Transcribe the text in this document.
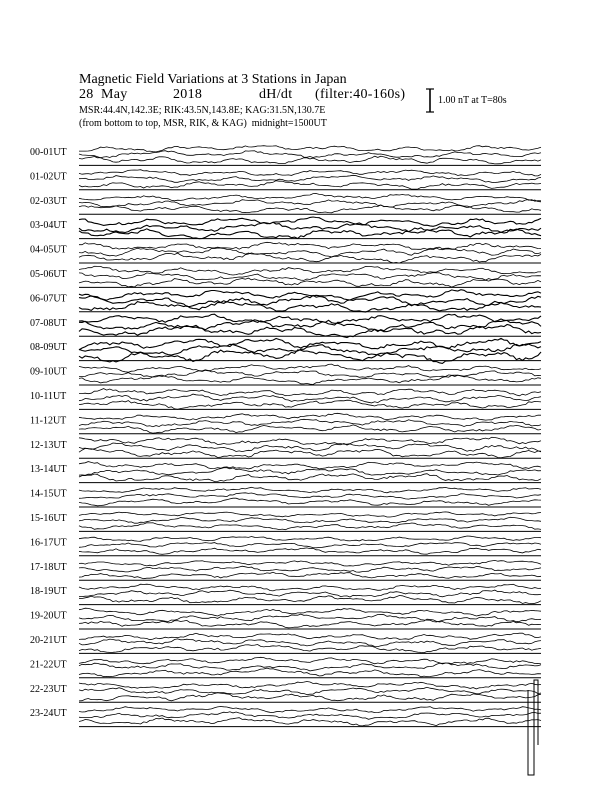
Magnetic Field Variations at 3 Stations in Japan
28 May	2018	dH/dt (filter:40-160s)
MSR:44.4N,142.3E; RIK:43.5N,143.8E; KAG:31.5N,130.7E
(from bottom to top, MSR, RIK, & KAG) midnight=1500UT
1.00 nT at T=80s
00-01UT
01-02UT
02-03UT
03-04UT
04-05UT
05-06UT
06-07UT
07-08UT
08-09UT
09-10UT
10-11UT
11-12UT
12-13UT
13-14UT
14-15UT
15-16UT
16-17UT
17-18UT
18-19UT
19-20UT
20-21UT
21-22UT
22-23UT
23-24UT
